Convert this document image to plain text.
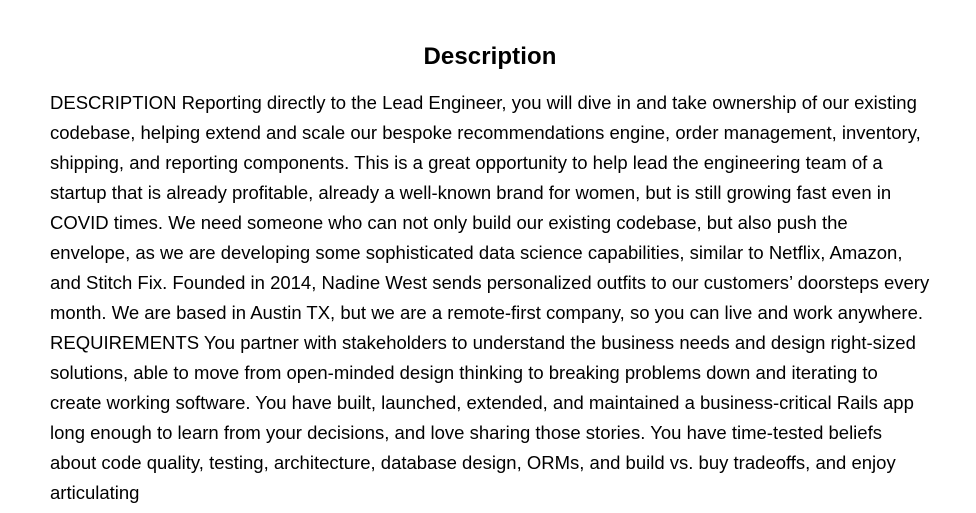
Description

DESCRIPTION Reporting directly to the Lead Engineer, you will dive in and take ownership of our existing codebase, helping extend and scale our bespoke recommendations engine, order management, inventory, shipping, and reporting components. This is a great opportunity to help lead the engineering team of a startup that is already profitable, already a well-known brand for women, but is still growing fast even in COVID times. We need someone who can not only build our existing codebase, but also push the envelope, as we are developing some sophisticated data science capabilities, similar to Netflix, Amazon, and Stitch Fix. Founded in 2014, Nadine West sends personalized outfits to our customers’ doorsteps every month. We are based in Austin TX, but we are a remote-first company, so you can live and work anywhere. REQUIREMENTS You partner with stakeholders to understand the business needs and design right-sized solutions, able to move from open-minded design thinking to breaking problems down and iterating to create working software. You have built, launched, extended, and maintained a business-critical Rails app long enough to learn from your decisions, and love sharing those stories. You have time-tested beliefs about code quality, testing, architecture, database design, ORMs, and build vs. buy tradeoffs, and enjoy articulating
